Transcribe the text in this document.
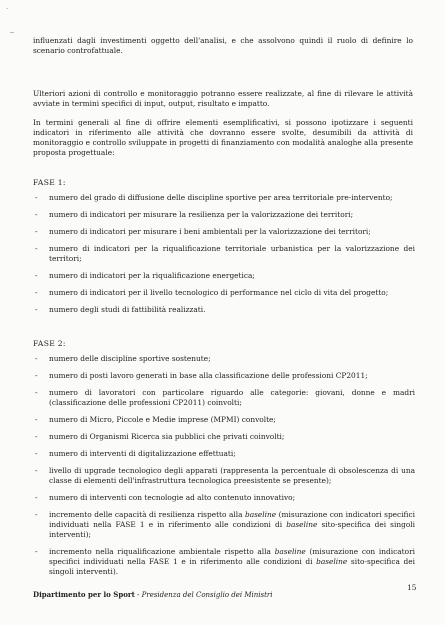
·
~

influenzati dagli investimenti oggetto dell'analisi, e che assolvono quindi il ruolo di definire lo scenario controfattuale.

Ulteriori azioni di controllo e monitoraggio potranno essere realizzate, al fine di rilevare le attività avviate in termini specifici di input, output, risultato e impatto.

In termini generali al fine di offrire elementi esemplificativi, si possono ipotizzare i seguenti indicatori in riferimento alle attività che dovranno essere svolte, desumibili da attività di monitoraggio e controllo sviluppate in progetti di finanziamento con modalità analoghe alla presente proposta progettuale:

FASE 1:
- numero del grado di diffusione delle discipline sportive per area territoriale pre-intervento;
- numero di indicatori per misurare la resilienza per la valorizzazione dei territori;
- numero di indicatori per misurare i beni ambientali per la valorizzazione dei territori;
- numero di indicatori per la riqualificazione territoriale urbanistica per la valorizzazione dei territori;
- numero di indicatori per la riqualificazione energetica;
- numero di indicatori per il livello tecnologico di performance nel ciclo di vita del progetto;
- numero degli studi di fattibilità realizzati.
FASE 2:
- numero delle discipline sportive sostenute;
- numero di posti lavoro generati in base alla classificazione delle professioni CP2011;
- numero di lavoratori con particolare riguardo alle categorie: giovani, donne e madri (classificazione delle professioni CP2011) coinvolti;
- numero di Micro, Piccole e Medie imprese (MPMI) convolte;
- numero di Organismi Ricerca sia pubblici che privati coinvolti;
- numero di interventi di digitalizzazione effettuati;
- livello di upgrade tecnologico degli apparati (rappresenta la percentuale di obsolescenza di una classe di elementi dell'infrastruttura tecnologica preesistente se presente);
- numero di interventi con tecnologie ad alto contenuto innovativo;
- incremento delle capacità di resilienza rispetto alla baseline (misurazione con indicatori specifici individuati nella FASE 1 e in riferimento alle condizioni di baseline sito-specifica dei singoli interventi);
- incremento nella riqualificazione ambientale rispetto alla baseline (misurazione con indicatori specifici individuati nella FASE 1 e in riferimento alle condizioni di baseline sito-specifica dei singoli interventi).
Dipartimento per lo Sport - Presidenza del Consiglio dei Ministri
15
